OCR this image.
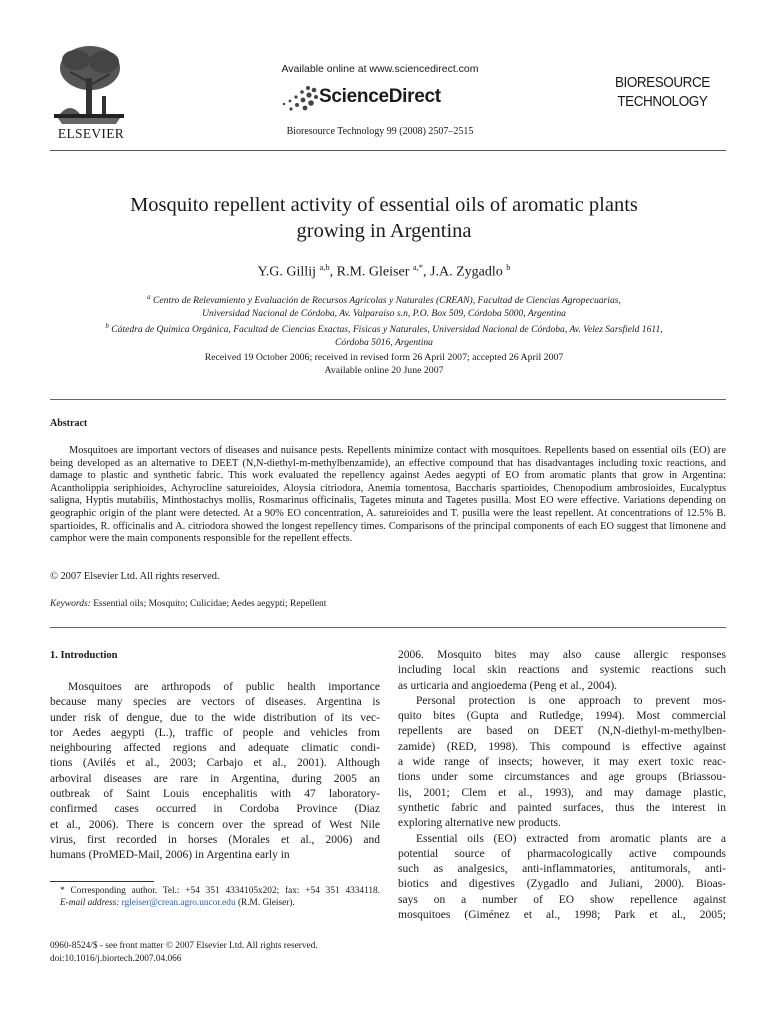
ELSEVIER
Available online at www.sciencedirect.com
ScienceDirect
Bioresource Technology 99 (2008) 2507–2515
BIORESOURCE
TECHNOLOGY
Mosquito repellent activity of essential oils of aromatic plants
growing in Argentina
Y.G. Gillij $^{a,b}$, R.M. Gleiser $^{a,*}$, J.A. Zygadlo $^b$
$^a$ Centro de Relevamiento y Evaluación de Recursos Agrícolas y Naturales (CREAN), Facultad de Ciencias Agropecuarias,
Universidad Nacional de Córdoba, Av. Valparaíso s.n, P.O. Box 509, Córdoba 5000, Argentina
$^b$ Cátedra de Química Orgánica, Facultad de Ciencias Exactas, Físicas y Naturales, Universidad Nacional de Córdoba, Av. Velez Sarsfield 1611,
Córdoba 5016, Argentina
Received 19 October 2006; received in revised form 26 April 2007; accepted 26 April 2007
Available online 20 June 2007
Abstract

Mosquitoes are important vectors of diseases and nuisance pests. Repellents minimize contact with mosquitoes. Repellents based on essential oils (EO) are being developed as an alternative to DEET (N,N-diethyl-m-methylbenzamide), an effective compound that has disadvantages including toxic reactions, and damage to plastic and synthetic fabric. This work evaluated the repellency against Aedes aegypti of EO from aromatic plants that grow in Argentina: Acantholippia seriphioides, Achyrocline satureioides, Aloysia citriodora, Anemia tomentosa, Baccharis spartioides, Chenopodium ambrosioides, Eucalyptus saligna, Hyptis mutabilis, Minthostachys mollis, Rosmarinus officinalis, Tagetes minuta and Tagetes pusilla. Most EO were effective. Variations depending on geographic origin of the plant were detected. At a 90% EO concentration, A. satureioides and T. pusilla were the least repellent. At concentrations of 12.5% B. spartioides, R. officinalis and A. citriodora showed the longest repellency times. Comparisons of the principal components of each EO suggest that limonene and camphor were the main components responsible for the repellent effects.

© 2007 Elsevier Ltd. All rights reserved.
Keywords: Essential oils; Mosquito; Culicidae; Aedes aegypti; Repellent
1. Introduction
Mosquitoes are arthropods of public health importance
because many species are vectors of diseases. Argentina is
under risk of dengue, due to the wide distribution of its vec-
tor Aedes aegypti (L.), traffic of people and vehicles from
neighbouring affected regions and adequate climatic condi-
tions (Avilés et al., 2003; Carbajo et al., 2001). Although
arboviral diseases are rare in Argentina, during 2005 an
outbreak of Saint Louis encephalitis with 47 laboratory-
confirmed cases occurred in Cordoba Province (Diaz
et al., 2006). There is concern over the spread of West Nile
virus, first recorded in horses (Morales et al., 2006) and
humans (ProMED-Mail, 2006) in Argentina early in
* Corresponding author. Tel.: +54 351 4334105x202; fax: +54 351 4334118.
E-mail address: rgleiser@crean.agro.uncor.edu (R.M. Gleiser).
0960-8524/$ - see front matter © 2007 Elsevier Ltd. All rights reserved.
doi:10.1016/j.biortech.2007.04.066
2006. Mosquito bites may also cause allergic responses
including local skin reactions and systemic reactions such
as urticaria and angioedema (Peng et al., 2004).
Personal protection is one approach to prevent mos-
quito bites (Gupta and Rutledge, 1994). Most commercial
repellents are based on DEET (N,N-diethyl-m-methylben-
zamide) (RED, 1998). This compound is effective against
a wide range of insects; however, it may exert toxic reac-
tions under some circumstances and age groups (Briassou-
lis, 2001; Clem et al., 1993), and may damage plastic,
synthetic fabric and painted surfaces, thus the interest in
exploring alternative new products.
Essential oils (EO) extracted from aromatic plants are a
potential source of pharmacologically active compounds
such as analgesics, anti-inflammatories, antitumorals, anti-
biotics and digestives (Zygadlo and Juliani, 2000). Bioas-
says on a number of EO show repellence against
mosquitoes (Giménez et al., 1998; Park et al., 2005;
